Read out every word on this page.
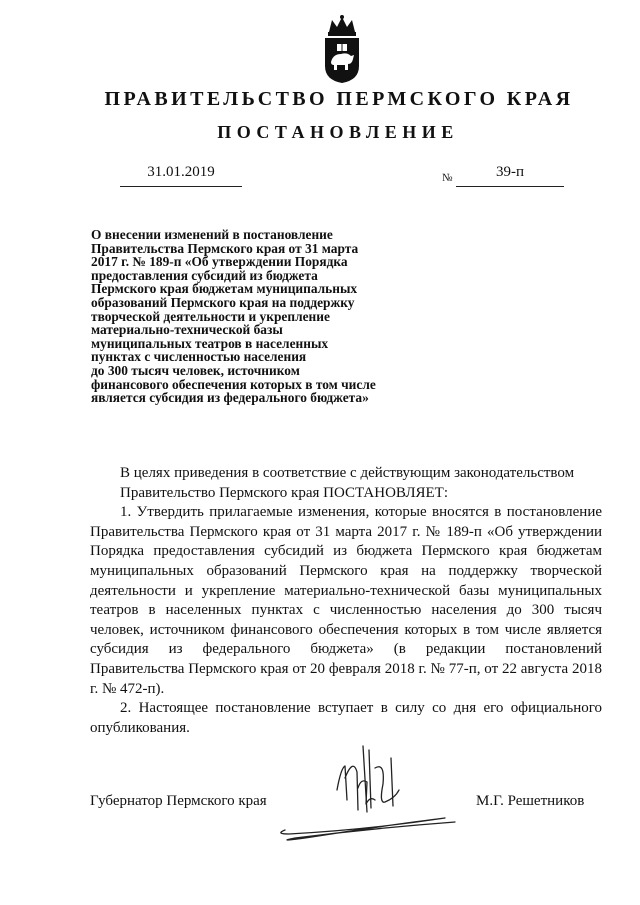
ПРАВИТЕЛЬСТВО ПЕРМСКОГО КРАЯ
ПОСТАНОВЛЕНИЕ
31.01.2019	№	39-п
О внесении изменений в постановление
Правительства Пермского края от 31 марта
2017 г. № 189-п «Об утверждении Порядка
предоставления субсидий из бюджета
Пермского края бюджетам муниципальных
образований Пермского края на поддержку
творческой деятельности и укрепление
материально-технической базы
муниципальных театров в населенных
пунктах с численностью населения
до 300 тысяч человек, источником
финансового обеспечения которых в том числе
является субсидия из федерального бюджета»

В целях приведения в соответствие с действующим законодательством

Правительство Пермского края ПОСТАНОВЛЯЕТ:

1. Утвердить прилагаемые изменения, которые вносятся в постановление Правительства Пермского края от 31 марта 2017 г. № 189-п «Об утверждении Порядка предоставления субсидий из бюджета Пермского края бюджетам муниципальных образований Пермского края на поддержку творческой деятельности и укрепление материально-технической базы муниципальных театров в населенных пунктах с численностью населения до 300 тысяч человек, источником финансового обеспечения которых в том числе является субсидия из федерального бюджета» (в редакции постановлений Правительства Пермского края от 20 февраля 2018 г. № 77-п, от 22 августа 2018 г. № 472-п).

2. Настоящее постановление вступает в силу со дня его официального опубликования.

Губернатор Пермского края	М.Г. Решетников
